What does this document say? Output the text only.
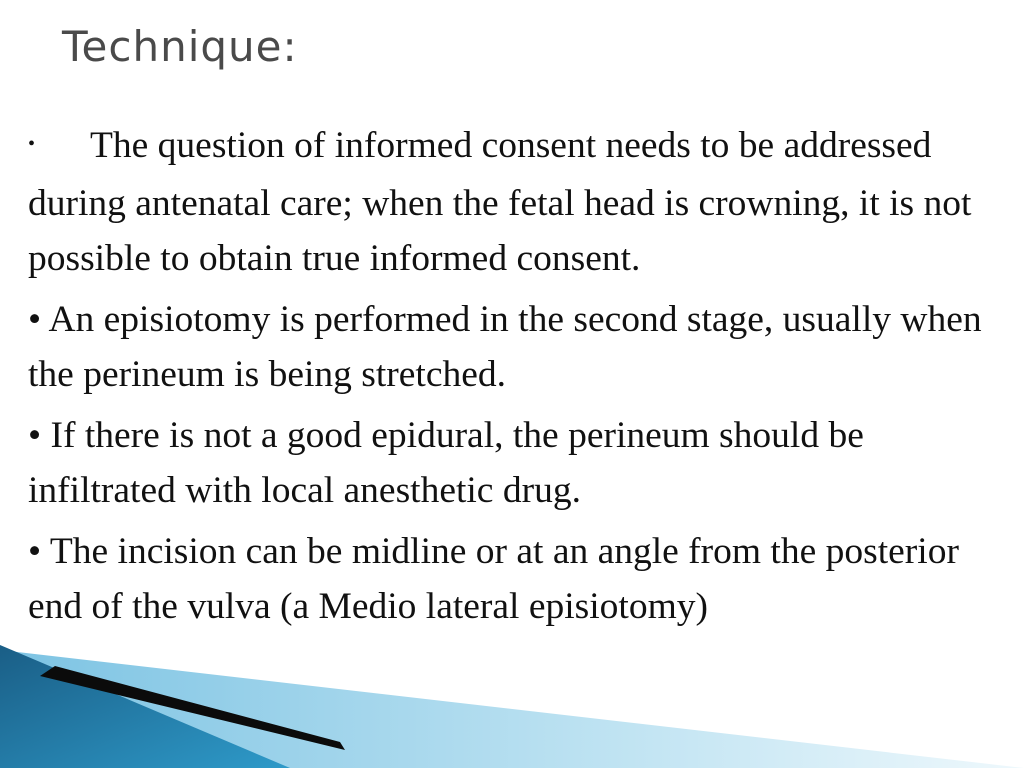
Technique:

• The question of informed consent needs to be addressed during antenatal care; when the fetal head is crowning, it is not possible to obtain true informed consent.

• An episiotomy is performed in the second stage, usually when the perineum is being stretched.

• If there is not a good epidural, the perineum should be infiltrated with local anesthetic drug.

• The incision can be midline or at an angle from the posterior end of the vulva (a Medio lateral episiotomy)
